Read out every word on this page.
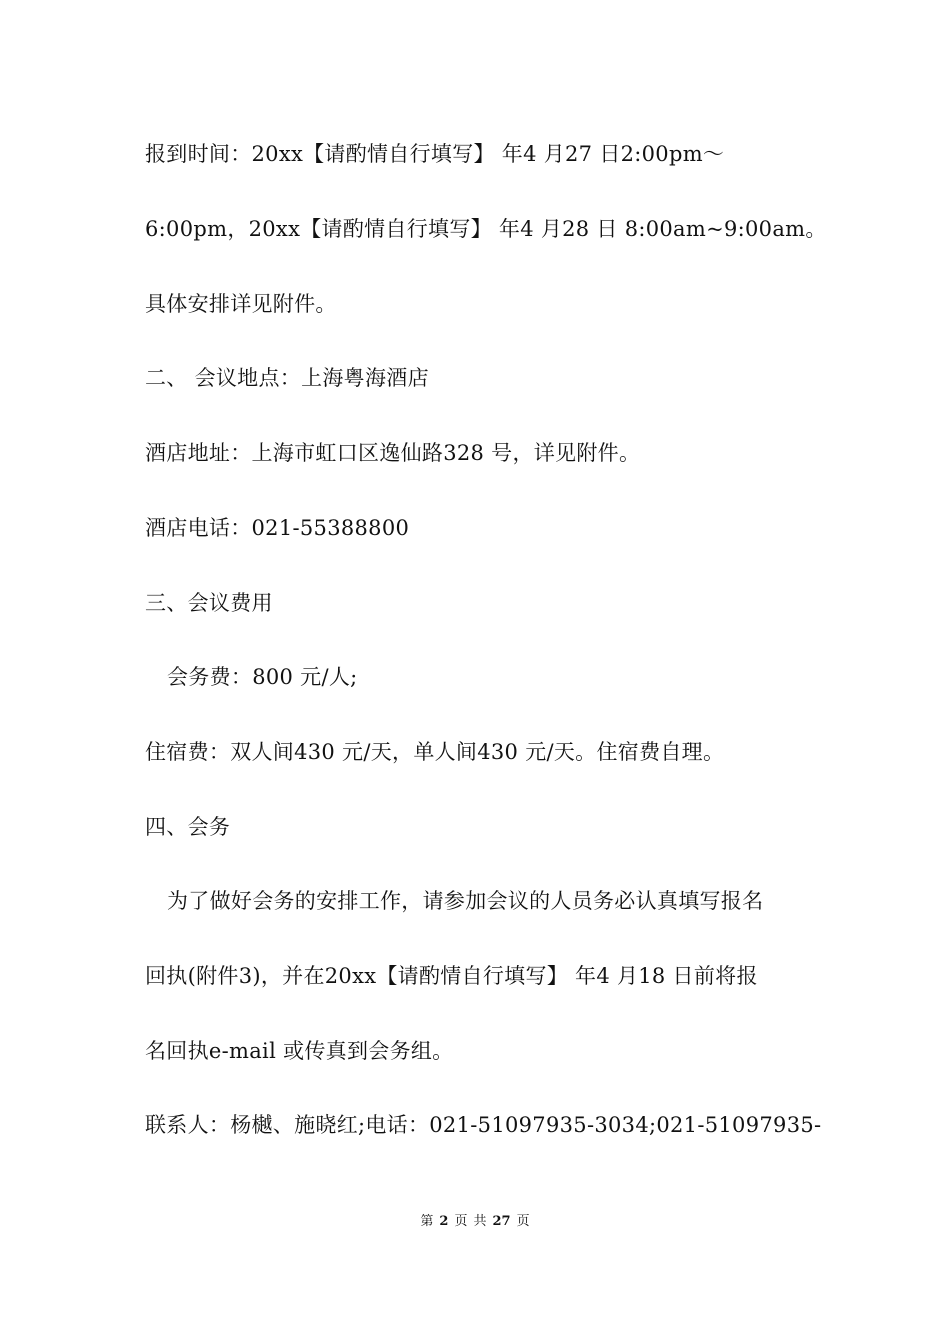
报到时间：20xx【请酌情自行填写】 年4 月27 日2:00pm～
6:00pm，20xx【请酌情自行填写】 年4 月28 日 8:00am~9:00am。
具体安排详见附件。
二、 会议地点：上海粤海酒店
酒店地址：上海市虹口区逸仙路328 号，详见附件。
酒店电话：021-55388800
三、会议费用
会务费：800 元/人;
住宿费：双人间430 元/天，单人间430 元/天。住宿费自理。
四、会务
为了做好会务的安排工作，请参加会议的人员务必认真填写报名
回执(附件3)，并在20xx【请酌情自行填写】 年4 月18 日前将报
名回执e-mail 或传真到会务组。
联系人：杨樾、施晓红;电话：021-51097935-3034;021-51097935-
第 2 页 共 27 页
